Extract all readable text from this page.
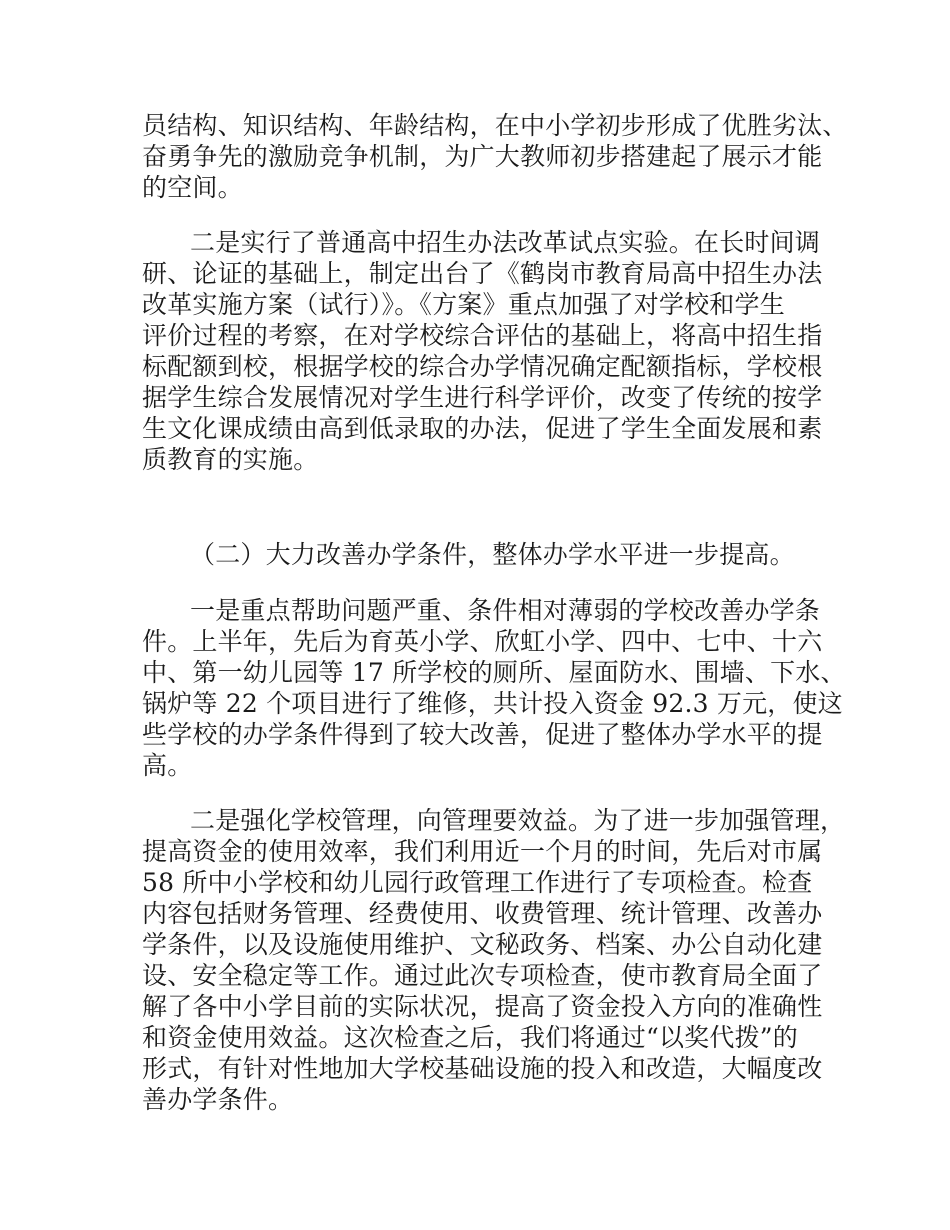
员结构、知识结构、年龄结构，在中小学初步形成了优胜劣汰、

奋勇争先的激励竞争机制，为广大教师初步搭建起了展示才能

的空间。

二是实行了普通高中招生办法改革试点实验。在长时间调

研、论证的基础上，制定出台了《鹤岗市教育局高中招生办法

改革实施方案（试行）》。《方案》重点加强了对学校和学生

评价过程的考察，在对学校综合评估的基础上，将高中招生指

标配额到校，根据学校的综合办学情况确定配额指标，学校根

据学生综合发展情况对学生进行科学评价，改变了传统的按学

生文化课成绩由高到低录取的办法，促进了学生全面发展和素

质教育的实施。

（二）大力改善办学条件，整体办学水平进一步提高。

一是重点帮助问题严重、条件相对薄弱的学校改善办学条

件。上半年，先后为育英小学、欣虹小学、四中、七中、十六

中、第一幼儿园等 17 所学校的厕所、屋面防水、围墙、下水、

锅炉等 22 个项目进行了维修，共计投入资金 92.3 万元，使这

些学校的办学条件得到了较大改善，促进了整体办学水平的提

高。

二是强化学校管理，向管理要效益。为了进一步加强管理，

提高资金的使用效率，我们利用近一个月的时间，先后对市属

58 所中小学校和幼儿园行政管理工作进行了专项检查。检查

内容包括财务管理、经费使用、收费管理、统计管理、改善办

学条件，以及设施使用维护、文秘政务、档案、办公自动化建

设、安全稳定等工作。通过此次专项检查，使市教育局全面了

解了各中小学目前的实际状况，提高了资金投入方向的准确性

和资金使用效益。这次检查之后，我们将通过“以奖代拨”的

形式，有针对性地加大学校基础设施的投入和改造，大幅度改

善办学条件。
